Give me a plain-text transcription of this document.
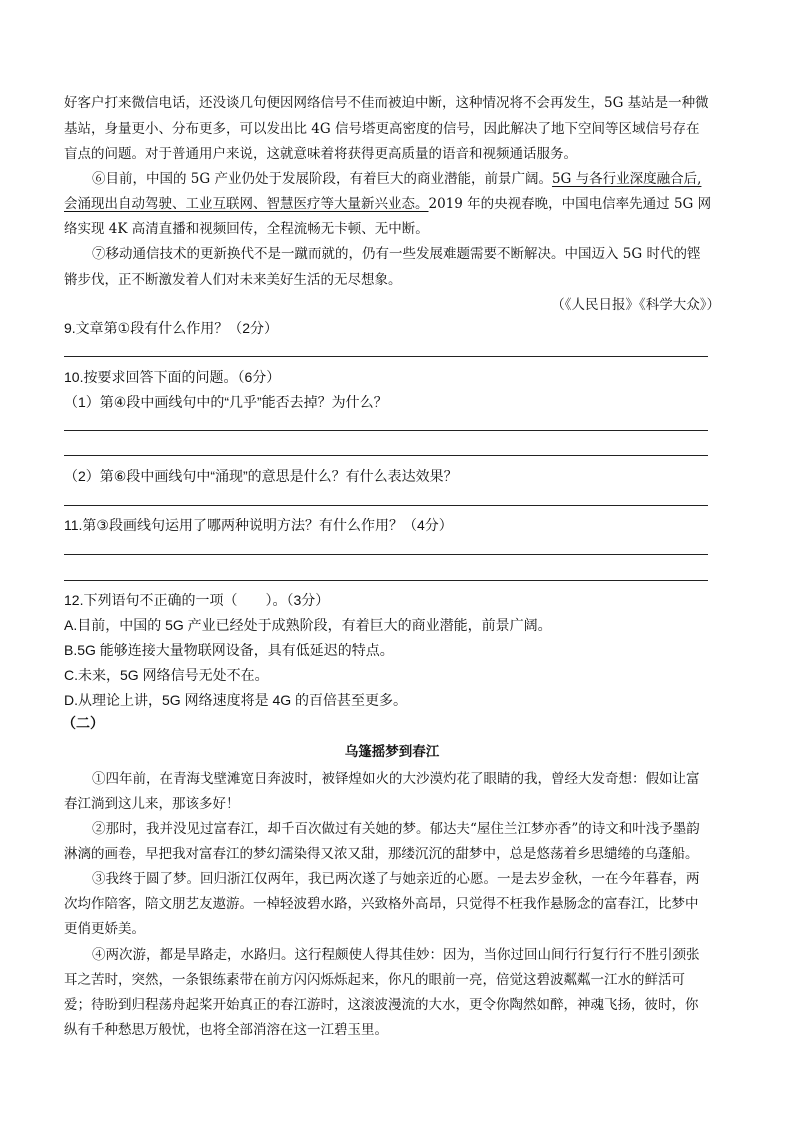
好客户打来微信电话，还没谈几句便因网络信号不佳而被迫中断，这种情况将不会再发生，5G 基站是一种微
基站，身量更小、分布更多，可以发出比 4G 信号塔更高密度的信号，因此解决了地下空间等区域信号存在
盲点的问题。对于普通用户来说，这就意味着将获得更高质量的语音和视频通话服务。
⑥目前，中国的 5G 产业仍处于发展阶段，有着巨大的商业潜能，前景广阔。5G 与各行业深度融合后,
会涌现出自动驾驶、工业互联网、智慧医疗等大量新兴业态。2019 年的央视春晚，中国电信率先通过 5G 网
络实现 4K 高清直播和视频回传，全程流畅无卡顿、无中断。
⑦移动通信技术的更新换代不是一蹴而就的，仍有一些发展难题需要不断解决。中国迈入 5G 时代的铿
锵步伐，正不断激发着人们对未来美好生活的无尽想象。
（《人民日报》《科学大众》）
9.文章第①段有什么作用？（2分）
10.按要求回答下面的问题。（6分）
（1）第④段中画线句中的“几乎”能否去掉？为什么？
（2）第⑥段中画线句中“涌现”的意思是什么？有什么表达效果？
11.第③段画线句运用了哪两种说明方法？有什么作用？（4分）
12.下列语句不正确的一项（　　）。（3分）
A.目前，中国的 5G 产业已经处于成熟阶段，有着巨大的商业潜能，前景广阔。
B.5G 能够连接大量物联网设备，具有低延迟的特点。
C.未来，5G 网络信号无处不在。
D.从理论上讲，5G 网络速度将是 4G 的百倍甚至更多。
（二）
乌篷摇梦到春江
①四年前，在青海戈壁滩宽日奔波时，被铎煌如火的大沙漠灼花了眼睛的我，曾经大发奇想：假如让富
春江淌到这儿来，那该多好！
②那时，我并没见过富春江，却千百次做过有关她的梦。郁达夫“屋住兰江梦亦香”的诗文和叶浅予墨韵
淋漓的画卷，早把我对富春江的梦幻濡染得又浓又甜，那缕沉沉的甜梦中，总是悠荡着乡思缱绻的乌蓬船。
③我终于圆了梦。回归浙江仅两年，我已两次遂了与她亲近的心愿。一是去岁金秋，一在今年暮春，两
次均作陪客，陪文朋艺友遨游。一棹轻波碧水路，兴致格外高昂，只觉得不枉我作悬肠念的富春江，比梦中
更俏更娇美。
④两次游，都是旱路走，水路归。这行程颇使人得其佳妙：因为，当你过回山间行行复行行不胜引颈张
耳之苦时，突然，一条银练素带在前方闪闪烁烁起来，你凡的眼前一亮，倍觉这碧波粼粼一江水的鲜活可
爱；待盼到归程荡舟起桨开始真正的春江游时，这滚波漫流的大水，更令你陶然如醉，神魂飞扬，彼时，你
纵有千种愁思万般忧，也将全部消溶在这一江碧玉里。
